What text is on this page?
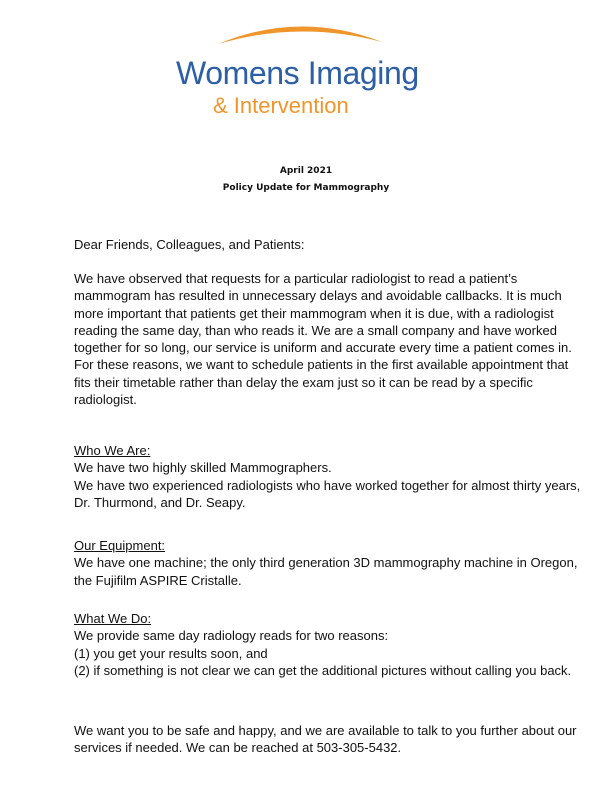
Womens Imaging
& Intervention
April 2021
Policy Update for Mammography
Dear Friends, Colleagues, and Patients:
We have observed that requests for a particular radiologist to read a patient’s
mammogram has resulted in unnecessary delays and avoidable callbacks. It is much
more important that patients get their mammogram when it is due, with a radiologist
reading the same day, than who reads it. We are a small company and have worked
together for so long, our service is uniform and accurate every time a patient comes in.
For these reasons, we want to schedule patients in the first available appointment that
fits their timetable rather than delay the exam just so it can be read by a specific
radiologist.
Who We Are:
We have two highly skilled Mammographers.
We have two experienced radiologists who have worked together for almost thirty years,
Dr. Thurmond, and Dr. Seapy.
Our Equipment:
We have one machine; the only third generation 3D mammography machine in Oregon,
the Fujifilm ASPIRE Cristalle.
What We Do:
We provide same day radiology reads for two reasons:
(1) you get your results soon, and
(2) if something is not clear we can get the additional pictures without calling you back.
We want you to be safe and happy, and we are available to talk to you further about our
services if needed. We can be reached at 503-305-5432.
